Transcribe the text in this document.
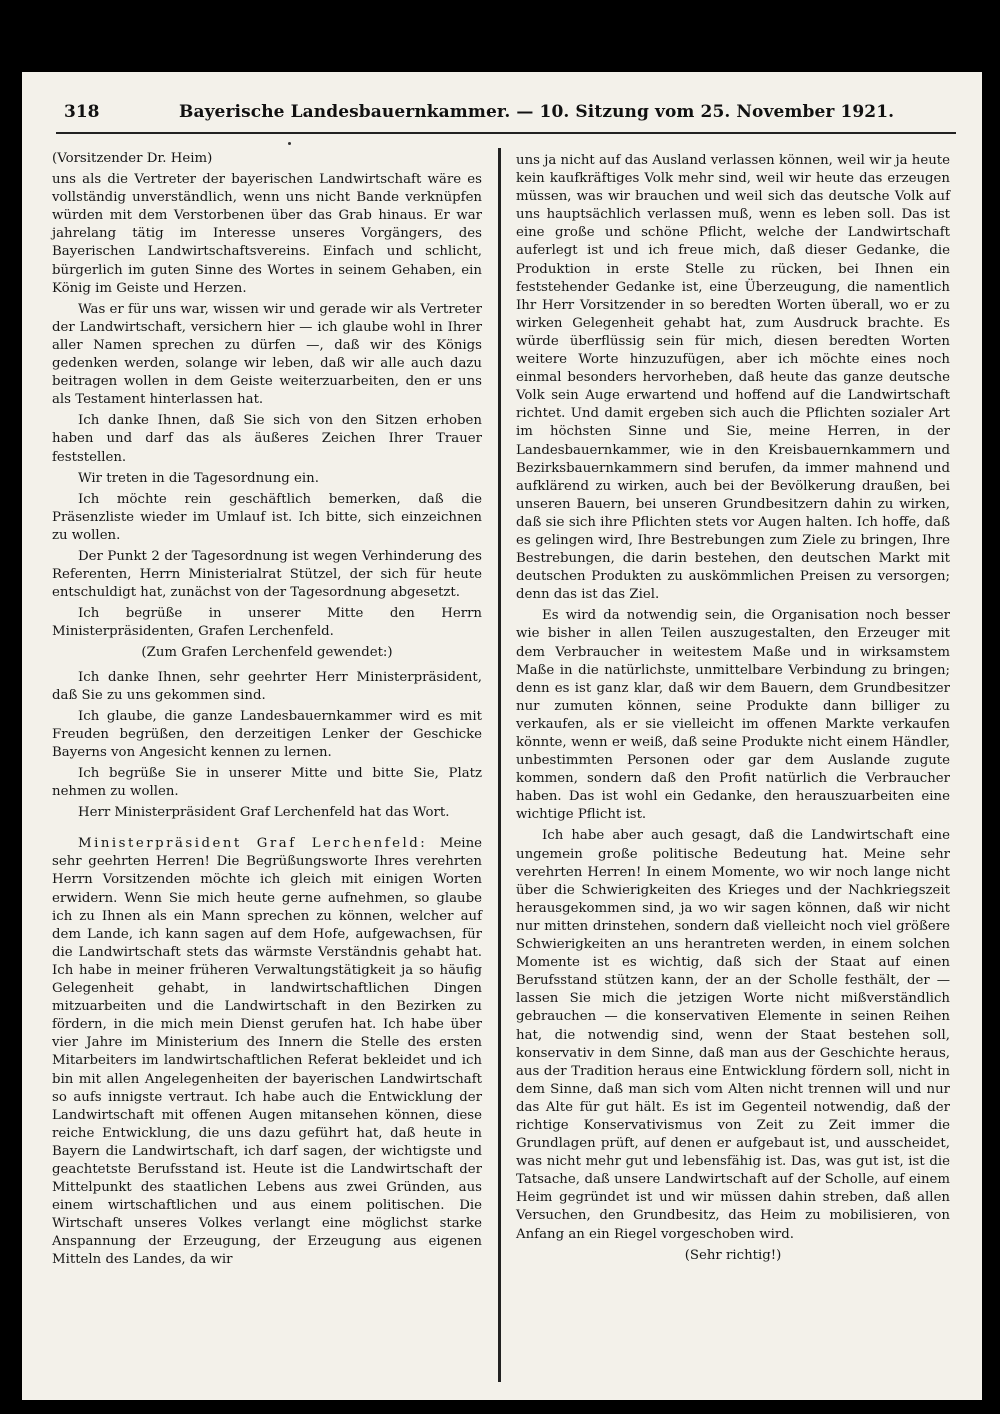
318	Bayerische Landesbauernkammer. — 10. Sitzung vom 25. November 1921.

(Vorsitzender Dr. Heim)

uns als die Vertreter der bayerischen Landwirtschaft wäre es vollständig unverständlich, wenn uns nicht Bande verknüpfen würden mit dem Verstorbenen über das Grab hinaus. Er war jahrelang tätig im Interesse unseres Vorgängers, des Bayerischen Landwirtschaftsvereins. Einfach und schlicht, bürgerlich im guten Sinne des Wortes in seinem Gehaben, ein König im Geiste und Herzen.

Was er für uns war, wissen wir und gerade wir als Vertreter der Landwirtschaft, versichern hier — ich glaube wohl in Ihrer aller Namen sprechen zu dürfen —, daß wir des Königs gedenken werden, solange wir leben, daß wir alle auch dazu beitragen wollen in dem Geiste weiterzuarbeiten, den er uns als Testament hinterlassen hat.

Ich danke Ihnen, daß Sie sich von den Sitzen erhoben haben und darf das als äußeres Zeichen Ihrer Trauer feststellen.

Wir treten in die Tagesordnung ein.

Ich möchte rein geschäftlich bemerken, daß die Präsenzliste wieder im Umlauf ist. Ich bitte, sich einzeichnen zu wollen.

Der Punkt 2 der Tagesordnung ist wegen Verhinderung des Referenten, Herrn Ministerialrat Stützel, der sich für heute entschuldigt hat, zunächst von der Tagesordnung abgesetzt.

Ich begrüße in unserer Mitte den Herrn Ministerpräsidenten, Grafen Lerchenfeld.

(Zum Grafen Lerchenfeld gewendet:)

Ich danke Ihnen, sehr geehrter Herr Ministerpräsident, daß Sie zu uns gekommen sind.

Ich glaube, die ganze Landesbauernkammer wird es mit Freuden begrüßen, den derzeitigen Lenker der Geschicke Bayerns von Angesicht kennen zu lernen.

Ich begrüße Sie in unserer Mitte und bitte Sie, Platz nehmen zu wollen.

Herr Ministerpräsident Graf Lerchenfeld hat das Wort.

Ministerpräsident Graf Lerchenfeld: Meine sehr geehrten Herren! Die Begrüßungsworte Ihres verehrten Herrn Vorsitzenden möchte ich gleich mit einigen Worten erwidern. Wenn Sie mich heute gerne aufnehmen, so glaube ich zu Ihnen als ein Mann sprechen zu können, welcher auf dem Lande, ich kann sagen auf dem Hofe, aufgewachsen, für die Landwirtschaft stets das wärmste Verständnis gehabt hat. Ich habe in meiner früheren Verwaltungstätigkeit ja so häufig Gelegenheit gehabt, in landwirtschaftlichen Dingen mitzuarbeiten und die Landwirtschaft in den Bezirken zu fördern, in die mich mein Dienst gerufen hat. Ich habe über vier Jahre im Ministerium des Innern die Stelle des ersten Mitarbeiters im landwirtschaftlichen Referat bekleidet und ich bin mit allen Angelegenheiten der bayerischen Landwirtschaft so aufs innigste vertraut. Ich habe auch die Entwicklung der Landwirtschaft mit offenen Augen mitansehen können, diese reiche Entwicklung, die uns dazu geführt hat, daß heute in Bayern die Landwirtschaft, ich darf sagen, der wichtigste und geachtetste Berufsstand ist. Heute ist die Landwirtschaft der Mittelpunkt des staatlichen Lebens aus zwei Gründen, aus einem wirtschaftlichen und aus einem politischen. Die Wirtschaft unseres Volkes verlangt eine möglichst starke Anspannung der Erzeugung, der Erzeugung aus eigenen Mitteln des Landes, da wir

uns ja nicht auf das Ausland verlassen können, weil wir ja heute kein kaufkräftiges Volk mehr sind, weil wir heute das erzeugen müssen, was wir brauchen und weil sich das deutsche Volk auf uns hauptsächlich verlassen muß, wenn es leben soll. Das ist eine große und schöne Pflicht, welche der Landwirtschaft auferlegt ist und ich freue mich, daß dieser Gedanke, die Produktion in erste Stelle zu rücken, bei Ihnen ein feststehender Gedanke ist, eine Überzeugung, die namentlich Ihr Herr Vorsitzender in so beredten Worten überall, wo er zu wirken Gelegenheit gehabt hat, zum Ausdruck brachte. Es würde überflüssig sein für mich, diesen beredten Worten weitere Worte hinzuzufügen, aber ich möchte eines noch einmal besonders hervorheben, daß heute das ganze deutsche Volk sein Auge erwartend und hoffend auf die Landwirtschaft richtet. Und damit ergeben sich auch die Pflichten sozialer Art im höchsten Sinne und Sie, meine Herren, in der Landesbauernkammer, wie in den Kreisbauernkammern und Bezirksbauernkammern sind berufen, da immer mahnend und aufklärend zu wirken, auch bei der Bevölkerung draußen, bei unseren Bauern, bei unseren Grundbesitzern dahin zu wirken, daß sie sich ihre Pflichten stets vor Augen halten. Ich hoffe, daß es gelingen wird, Ihre Bestrebungen zum Ziele zu bringen, Ihre Bestrebungen, die darin bestehen, den deutschen Markt mit deutschen Produkten zu auskömmlichen Preisen zu versorgen; denn das ist das Ziel.

Es wird da notwendig sein, die Organisation noch besser wie bisher in allen Teilen auszugestalten, den Erzeuger mit dem Verbraucher in weitestem Maße und in wirksamstem Maße in die natürlichste, unmittelbare Verbindung zu bringen; denn es ist ganz klar, daß wir dem Bauern, dem Grundbesitzer nur zumuten können, seine Produkte dann billiger zu verkaufen, als er sie vielleicht im offenen Markte verkaufen könnte, wenn er weiß, daß seine Produkte nicht einem Händler, unbestimmten Personen oder gar dem Auslande zugute kommen, sondern daß den Profit natürlich die Verbraucher haben. Das ist wohl ein Gedanke, den herauszuarbeiten eine wichtige Pflicht ist.

Ich habe aber auch gesagt, daß die Landwirtschaft eine ungemein große politische Bedeutung hat. Meine sehr verehrten Herren! In einem Momente, wo wir noch lange nicht über die Schwierigkeiten des Krieges und der Nachkriegszeit herausgekommen sind, ja wo wir sagen können, daß wir nicht nur mitten drinstehen, sondern daß vielleicht noch viel größere Schwierigkeiten an uns herantreten werden, in einem solchen Momente ist es wichtig, daß sich der Staat auf einen Berufsstand stützen kann, der an der Scholle festhält, der — lassen Sie mich die jetzigen Worte nicht mißverständlich gebrauchen — die konservativen Elemente in seinen Reihen hat, die notwendig sind, wenn der Staat bestehen soll, konservativ in dem Sinne, daß man aus der Geschichte heraus, aus der Tradition heraus eine Entwicklung fördern soll, nicht in dem Sinne, daß man sich vom Alten nicht trennen will und nur das Alte für gut hält. Es ist im Gegenteil notwendig, daß der richtige Konservativismus von Zeit zu Zeit immer die Grundlagen prüft, auf denen er aufgebaut ist, und ausscheidet, was nicht mehr gut und lebensfähig ist. Das, was gut ist, ist die Tatsache, daß unsere Landwirtschaft auf der Scholle, auf einem Heim gegründet ist und wir müssen dahin streben, daß allen Versuchen, den Grundbesitz, das Heim zu mobilisieren, von Anfang an ein Riegel vorgeschoben wird.

(Sehr richtig!)
